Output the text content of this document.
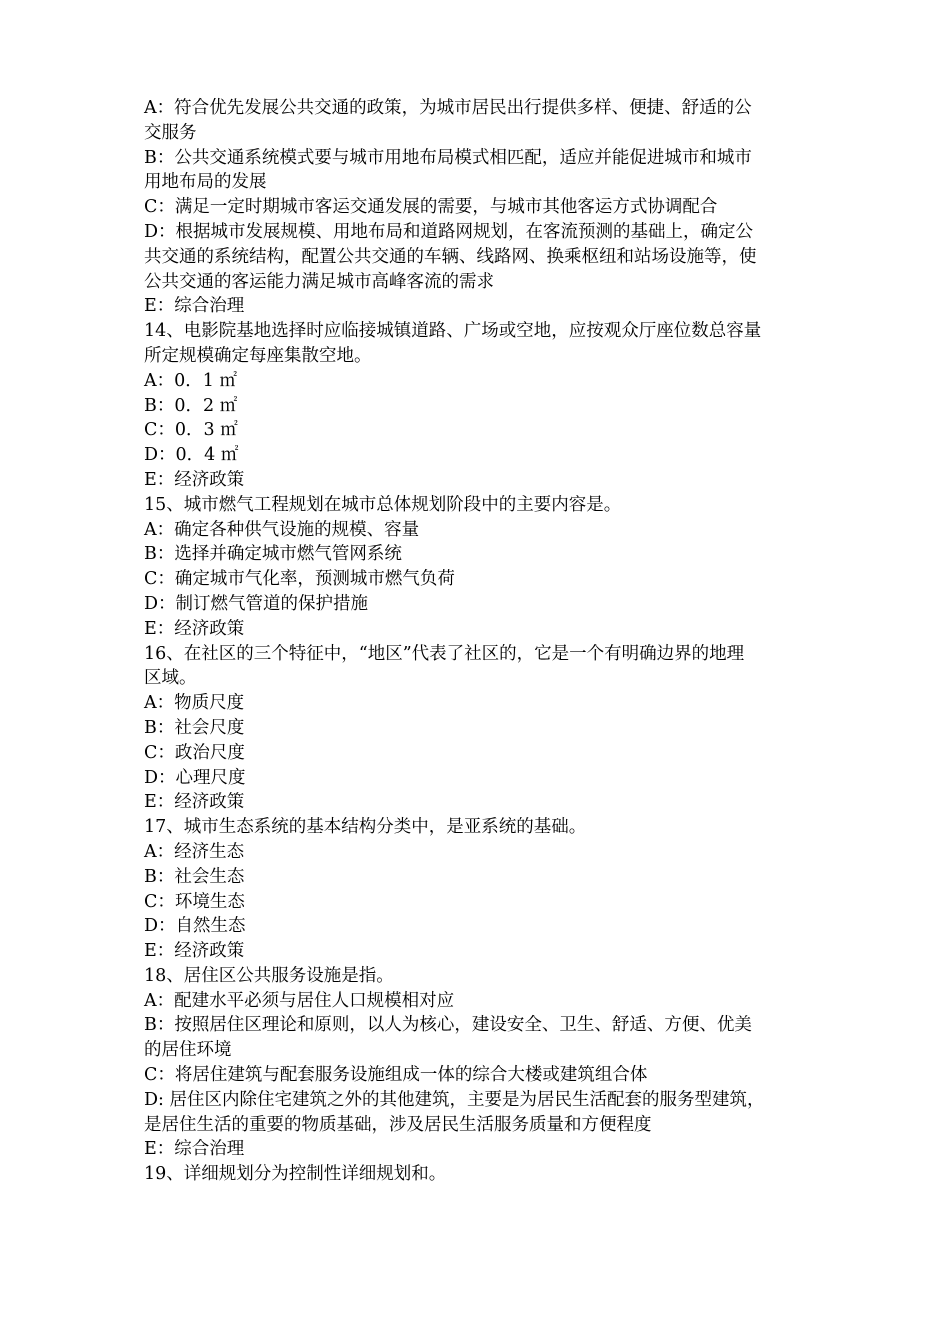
A：符合优先发展公共交通的政策，为城市居民出行提供多样、便捷、舒适的公
交服务
B：公共交通系统模式要与城市用地布局模式相匹配，适应并能促进城市和城市
用地布局的发展
C：满足一定时期城市客运交通发展的需要，与城市其他客运方式协调配合
D：根据城市发展规模、用地布局和道路网规划，在客流预测的基础上，确定公
共交通的系统结构，配置公共交通的车辆、线路网、换乘枢纽和站场设施等，使
公共交通的客运能力满足城市高峰客流的需求
E：综合治理
14、电影院基地选择时应临接城镇道路、广场或空地，应按观众厅座位数总容量
所定规模确定每座集散空地。
A：0．1 ㎡
B：0．2 ㎡
C：0．3 ㎡
D：0．4 ㎡
E：经济政策
15、城市燃气工程规划在城市总体规划阶段中的主要内容是。
A：确定各种供气设施的规模、容量
B：选择并确定城市燃气管网系统
C：确定城市气化率，预测城市燃气负荷
D：制订燃气管道的保护措施
E：经济政策
16、在社区的三个特征中，“地区”代表了社区的，它是一个有明确边界的地理
区域。
A：物质尺度
B：社会尺度
C：政治尺度
D：心理尺度
E：经济政策
17、城市生态系统的基本结构分类中，是亚系统的基础。
A：经济生态
B：社会生态
C：环境生态
D：自然生态
E：经济政策
18、居住区公共服务设施是指。
A：配建水平必须与居住人口规模相对应
B：按照居住区理论和原则，以人为核心，建设安全、卫生、舒适、方便、优美
的居住环境
C：将居住建筑与配套服务设施组成一体的综合大楼或建筑组合体
D: 居住区内除住宅建筑之外的其他建筑，主要是为居民生活配套的服务型建筑，
是居住生活的重要的物质基础，涉及居民生活服务质量和方便程度
E：综合治理
19、详细规划分为控制性详细规划和。
